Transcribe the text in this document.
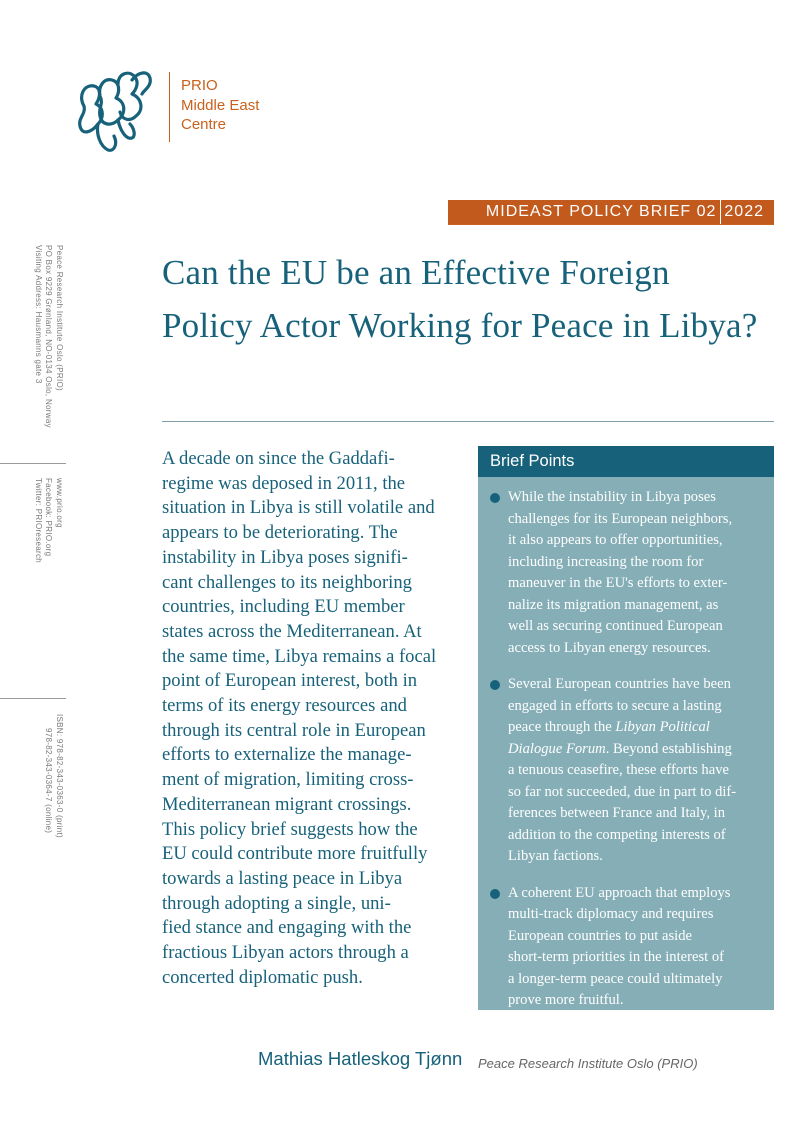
PRIO
Middle East
Centre
MIDEAST POLICY BRIEF 02 2022
Can the EU be an Effective Foreign
Policy Actor Working for Peace in Libya?
Peace Research Institute Oslo (PRIO)
PO Box 9229 Grønland, NO-0134 Oslo, Norway
Visiting Address: Hausmanns gate 3
www.prio.org
Facebook: PRIO.org
Twitter: PRIOresearch
ISBN: 978-82-343-0363-0 (print)
978-82-343-0364-7 (online)
A decade on since the Gaddafi-
regime was deposed in 2011, the
situation in Libya is still volatile and
appears to be deteriorating. The
instability in Libya poses signifi-
cant challenges to its neighboring
countries, including EU member
states across the Mediterranean. At
the same time, Libya remains a focal
point of European interest, both in
terms of its energy resources and
through its central role in European
efforts to externalize the manage-
ment of migration, limiting cross-
Mediterranean migrant crossings.
This policy brief suggests how the
EU could contribute more fruitfully
towards a lasting peace in Libya
through adopting a single, uni-
fied stance and engaging with the
fractious Libyan actors through a
concerted diplomatic push.
Brief Points
While the instability in Libya poses
challenges for its European neighbors,
it also appears to offer opportunities,
including increasing the room for
maneuver in the EU's efforts to exter-
nalize its migration management, as
well as securing continued European
access to Libyan energy resources.
Several European countries have been
engaged in efforts to secure a lasting
peace through the Libyan Political
Dialogue Forum. Beyond establishing
a tenuous ceasefire, these efforts have
so far not succeeded, due in part to dif-
ferences between France and Italy, in
addition to the competing interests of
Libyan factions.
A coherent EU approach that employs
multi-track diplomacy and requires
European countries to put aside
short-term priorities in the interest of
a longer-term peace could ultimately
prove more fruitful.
Mathias Hatleskog Tjønn Peace Research Institute Oslo (PRIO)
